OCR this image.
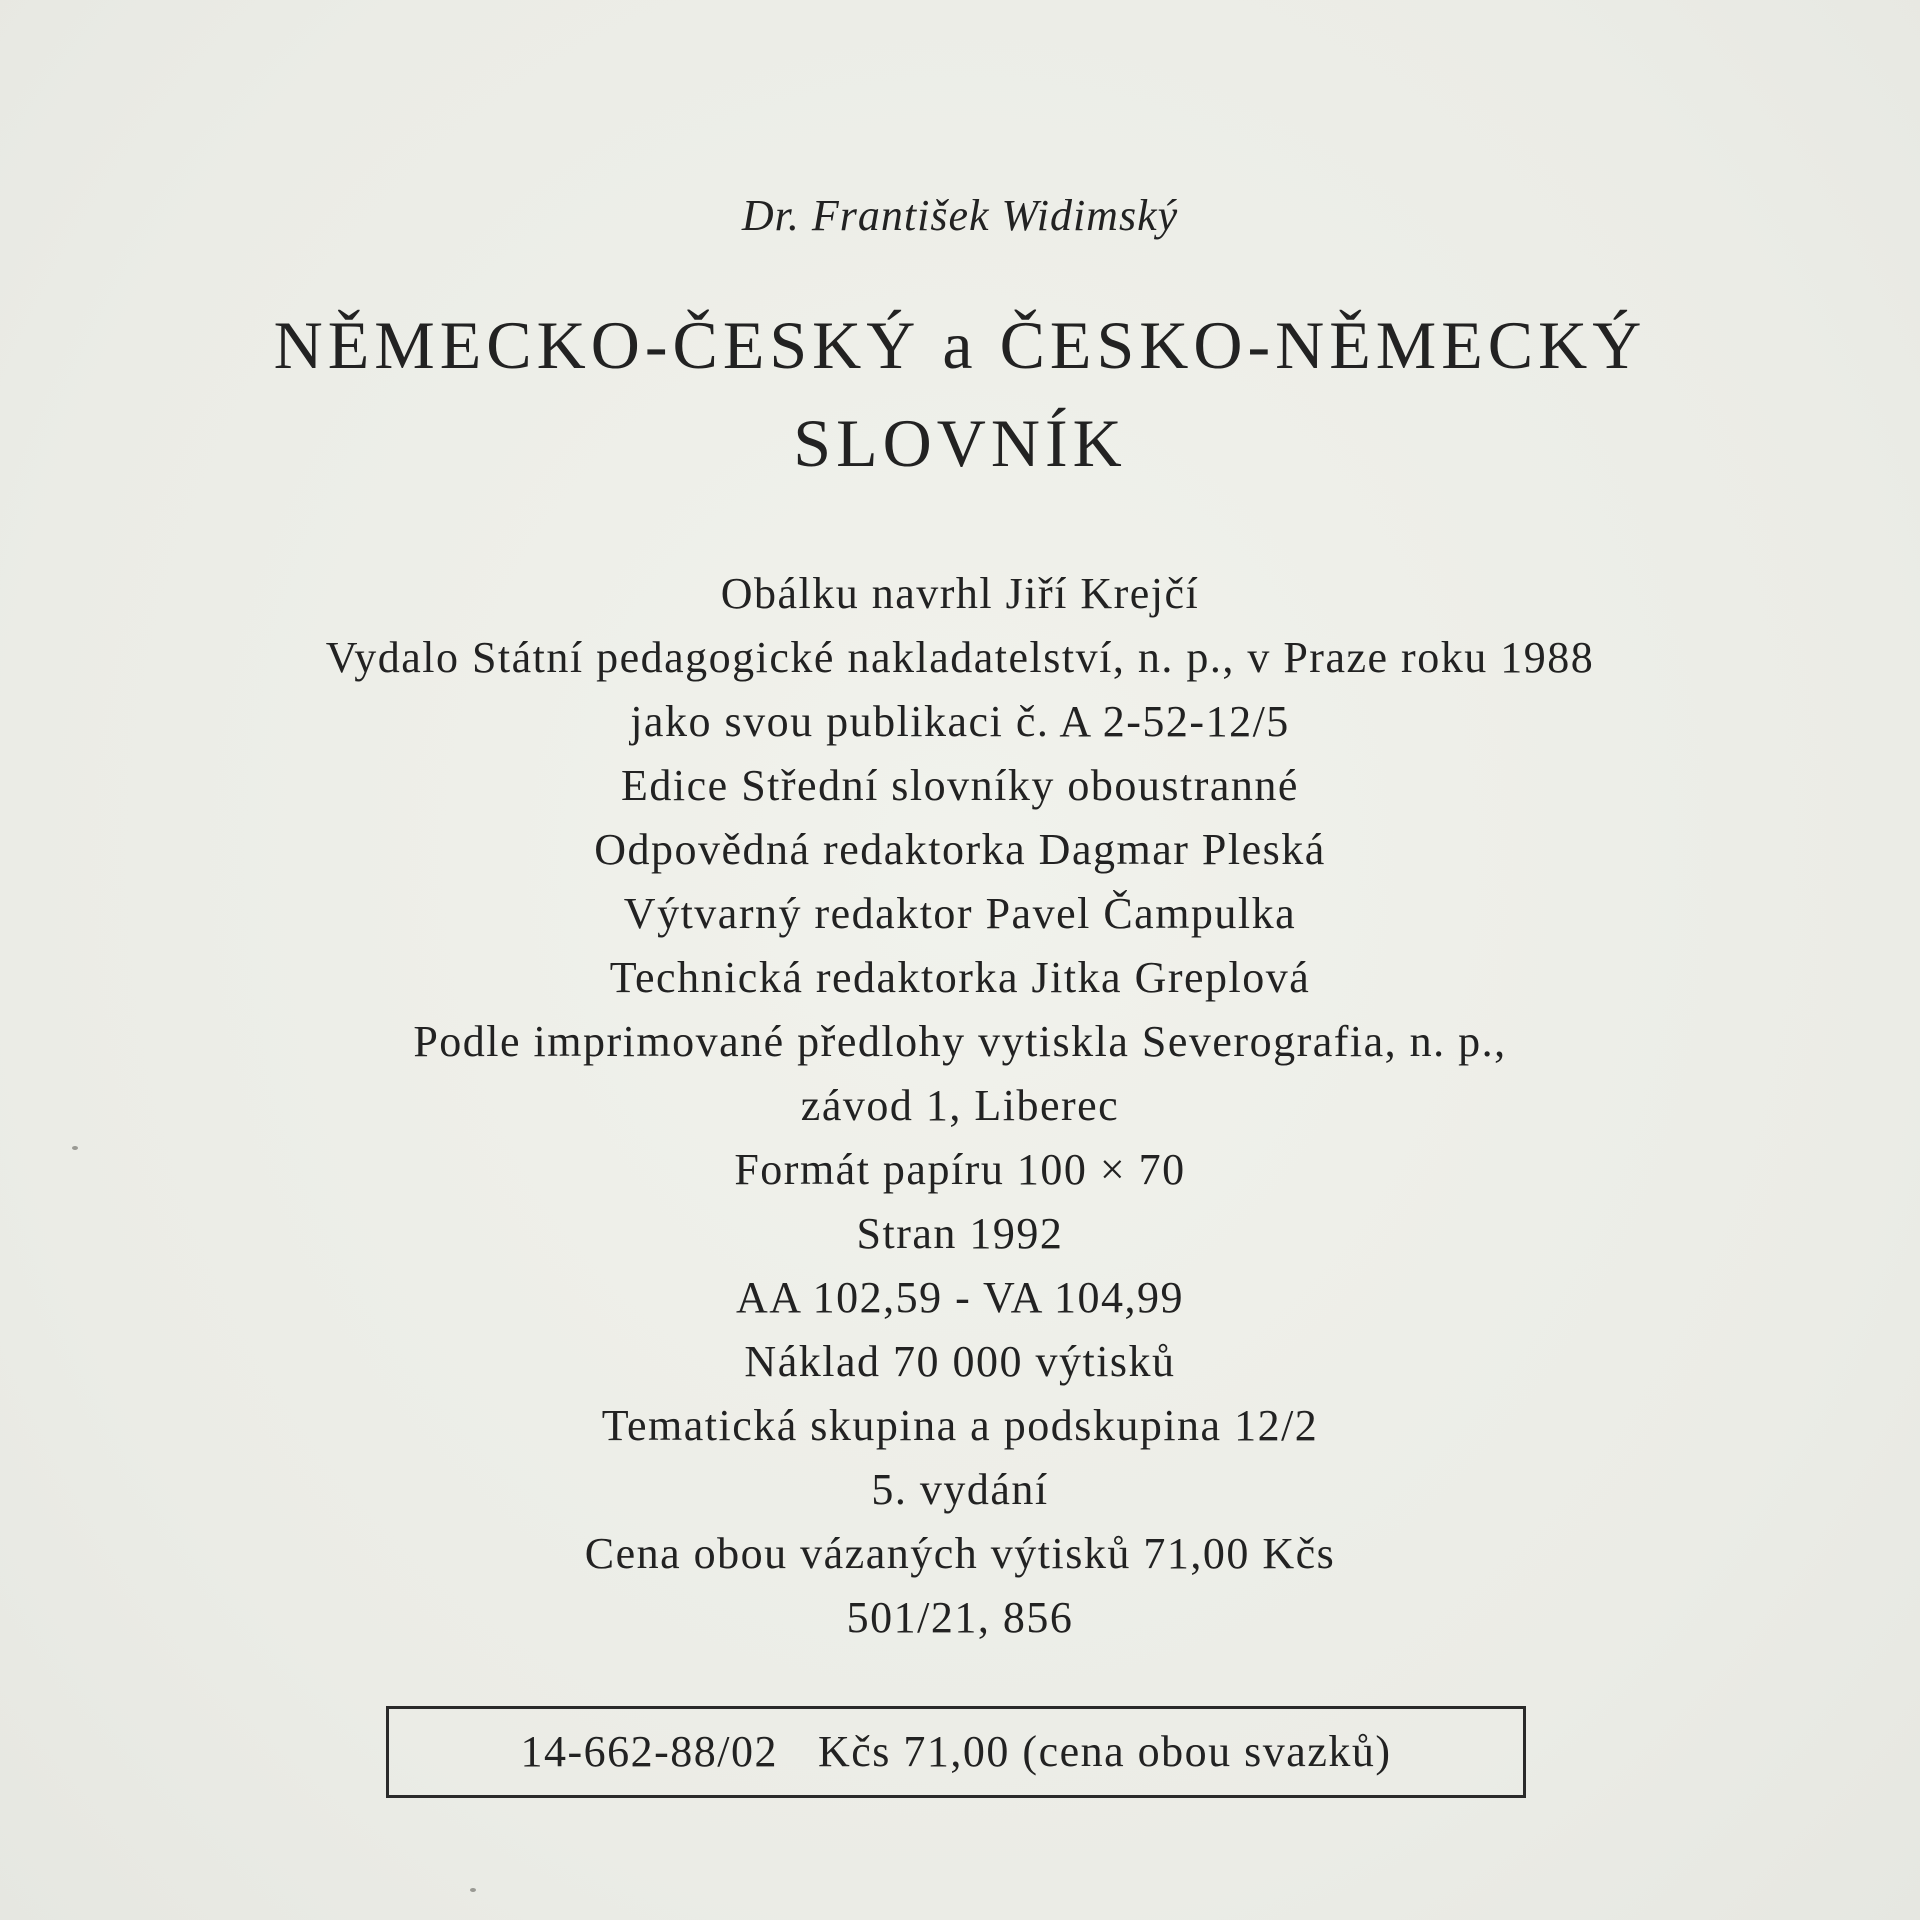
Dr. František Widimský
NĚMECKO-ČESKÝ a ČESKO-NĚMECKÝ
SLOVNÍK
Obálku navrhl Jiří Krejčí
Vydalo Státní pedagogické nakladatelství, n. p., v Praze roku 1988
jako svou publikaci č. A 2-52-12/5
Edice Střední slovníky oboustranné
Odpovědná redaktorka Dagmar Pleská
Výtvarný redaktor Pavel Čampulka
Technická redaktorka Jitka Greplová
Podle imprimované předlohy vytiskla Severografia, n. p.,
závod 1, Liberec
Formát papíru 100 × 70
Stran 1992
AA 102,59 - VA 104,99
Náklad 70 000 výtisků
Tematická skupina a podskupina 12/2
5. vydání
Cena obou vázaných výtisků 71,00 Kčs
501/21, 856
14-662-88/02 Kčs 71,00 (cena obou svazků)
